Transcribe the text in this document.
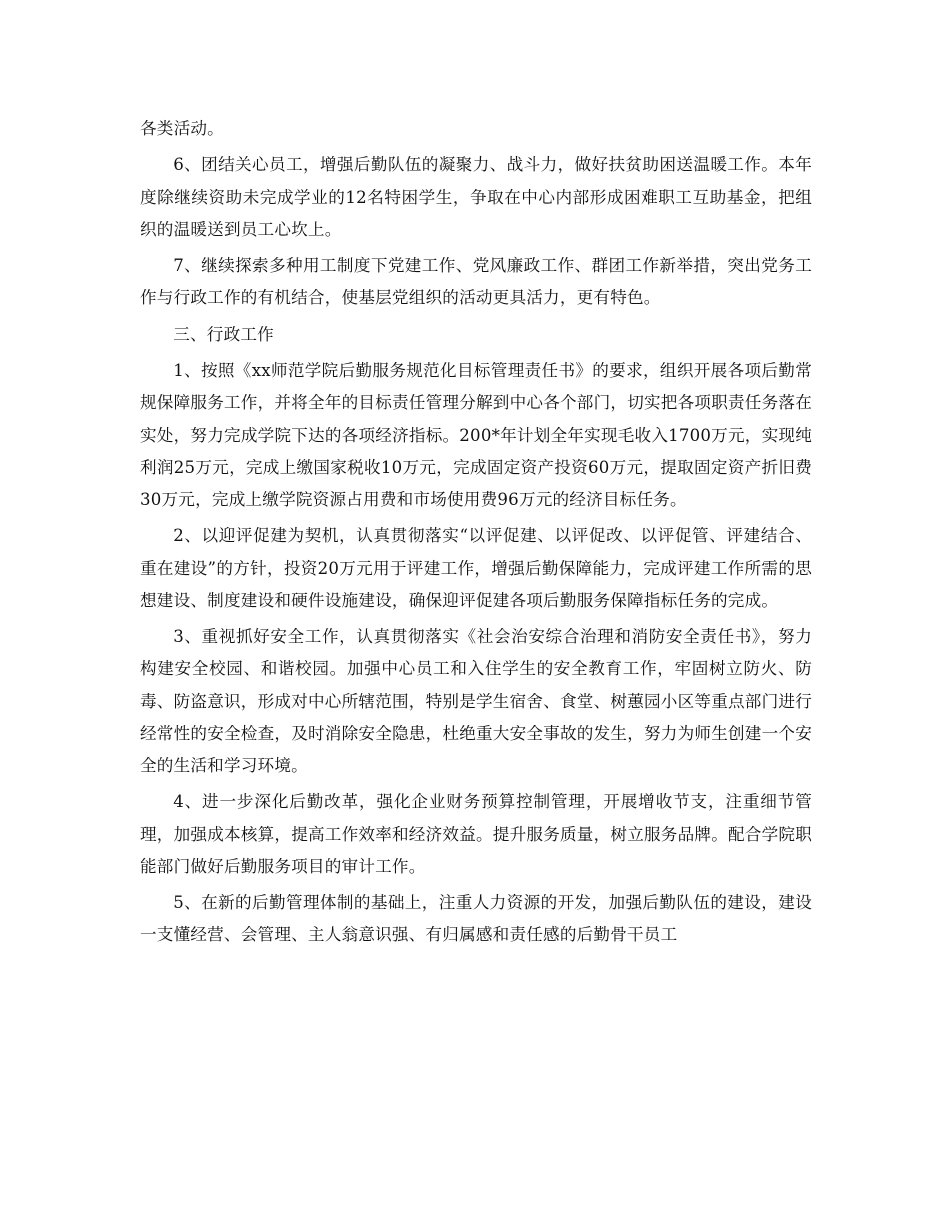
各类活动。

6、团结关心员工，增强后勤队伍的凝聚力、战斗力，做好扶贫助困送温暖工作。本年度除继续资助未完成学业的12名特困学生，争取在中心内部形成困难职工互助基金，把组织的温暖送到员工心坎上。

7、继续探索多种用工制度下党建工作、党风廉政工作、群团工作新举措，突出党务工作与行政工作的有机结合，使基层党组织的活动更具活力，更有特色。

三、行政工作

1、按照《xx师范学院后勤服务规范化目标管理责任书》的要求，组织开展各项后勤常规保障服务工作，并将全年的目标责任管理分解到中心各个部门，切实把各项职责任务落在实处，努力完成学院下达的各项经济指标。200*年计划全年实现毛收入1700万元，实现纯利润25万元，完成上缴国家税收10万元，完成固定资产投资60万元，提取固定资产折旧费30万元，完成上缴学院资源占用费和市场使用费96万元的经济目标任务。

2、以迎评促建为契机，认真贯彻落实“以评促建、以评促改、以评促管、评建结合、重在建设”的方针，投资20万元用于评建工作，增强后勤保障能力，完成评建工作所需的思想建设、制度建设和硬件设施建设，确保迎评促建各项后勤服务保障指标任务的完成。

3、重视抓好安全工作，认真贯彻落实《社会治安综合治理和消防安全责任书》，努力构建安全校园、和谐校园。加强中心员工和入住学生的安全教育工作，牢固树立防火、防毒、防盗意识，形成对中心所辖范围，特别是学生宿舍、食堂、树蕙园小区等重点部门进行经常性的安全检查，及时消除安全隐患，杜绝重大安全事故的发生，努力为师生创建一个安全的生活和学习环境。

4、进一步深化后勤改革，强化企业财务预算控制管理，开展增收节支，注重细节管理，加强成本核算，提高工作效率和经济效益。提升服务质量，树立服务品牌。配合学院职能部门做好后勤服务项目的审计工作。

5、在新的后勤管理体制的基础上，注重人力资源的开发，加强后勤队伍的建设，建设一支懂经营、会管理、主人翁意识强、有归属感和责任感的后勤骨干员工
